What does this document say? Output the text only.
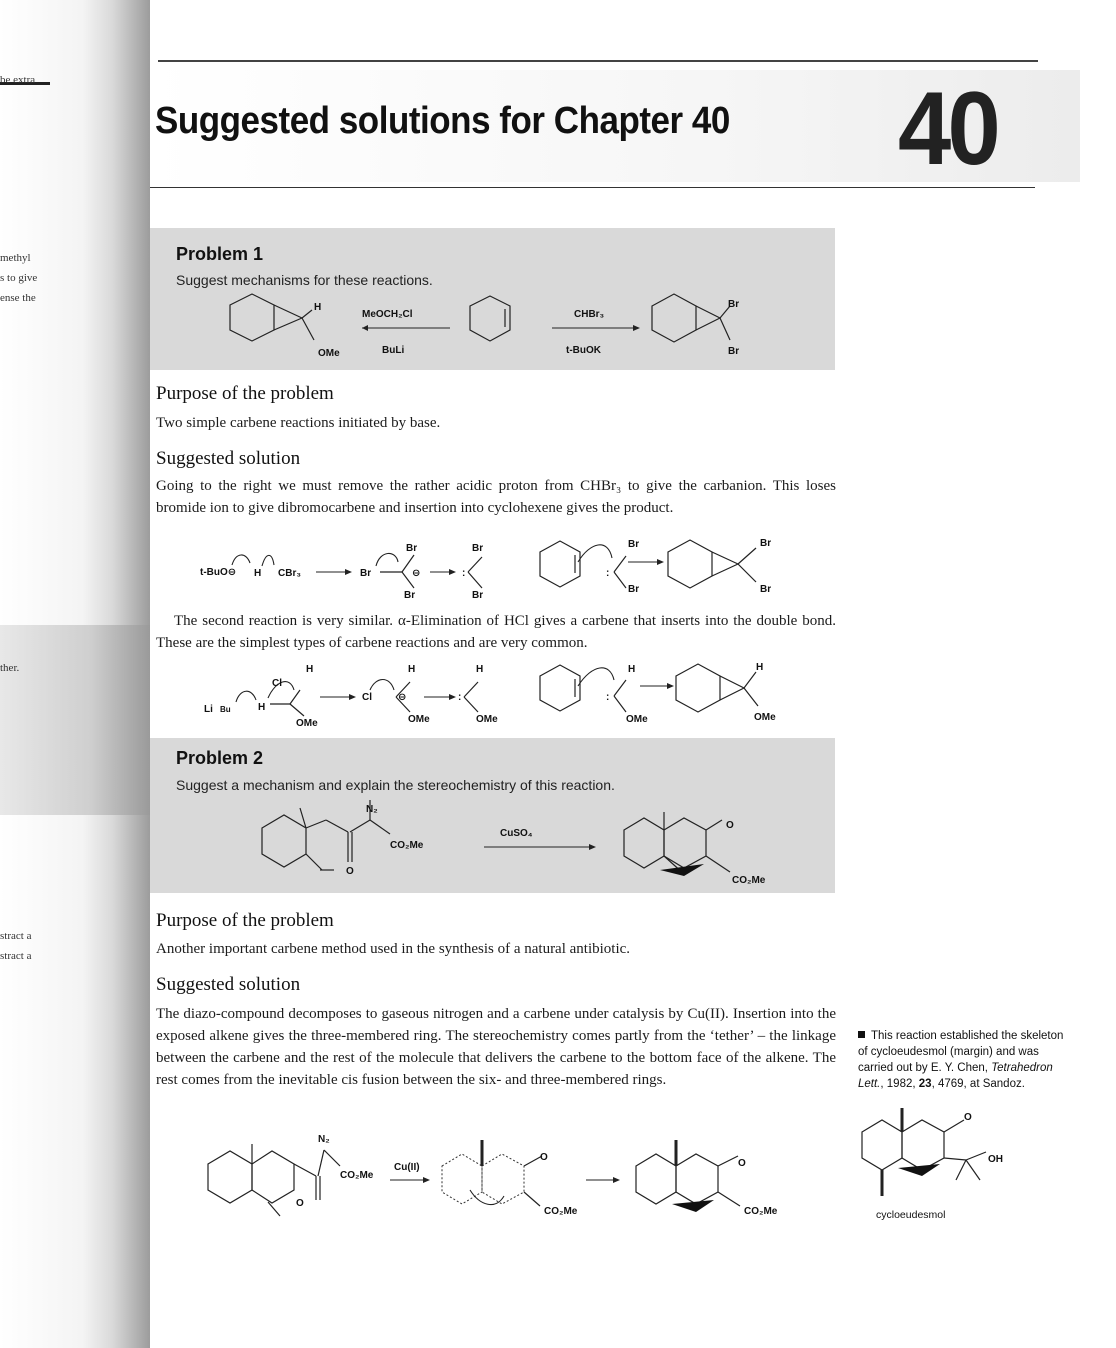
be extra
methyl
s to give
ense the
ther.
stract a
stract a
Suggested solutions for Chapter 40 40
Problem 1
Suggest mechanisms for these reactions.
H
OMe
MeOCH₂Cl
BuLi
CHBr₃
t-BuOK
Br
Br
Purpose of the problem
Two simple carbene reactions initiated by base.
Suggested solution
Going to the right we must remove the rather acidic proton from CHBr₃ to give the carbanion. This loses bromide ion to give dibromocarbene and insertion into cyclohexene gives the product.
t-BuO⊖ H CBr₃	Br
Br
Br
⊖	:
Br
Br
:
Br
Br
Br
Br
The second reaction is very similar. α-Elimination of HCl gives a carbene that inserts into the double bond. These are the simplest types of carbene reactions and are very common.
Li Bu	H
Cl
H
OMe
Cl	⊖
H
OMe
:
H
OMe
:
H
OMe
H
OMe
Problem 2
Suggest a mechanism and explain the stereochemistry of this reaction.
N₂
CO₂Me
O
CuSO₄
O
CO₂Me
Purpose of the problem
Another important carbene method used in the synthesis of a natural antibiotic.
Suggested solution
The diazo-compound decomposes to gaseous nitrogen and a carbene under catalysis by Cu(II). Insertion into the exposed alkene gives the three-membered ring. The stereochemistry comes partly from the ‘tether’ – the linkage between the carbene and the rest of the molecule that delivers the carbene to the bottom face of the alkene. The rest comes from the inevitable cis fusion between the six- and three-membered rings.
N₂
CO₂Me
O
Cu(II)
O
CO₂Me
O
CO₂Me
This reaction established the skeleton of cycloeudesmol (margin) and was carried out by E. Y. Chen, Tetrahedron Lett., 1982, 23, 4769, at Sandoz.
O
OH
cycloeudesmol
